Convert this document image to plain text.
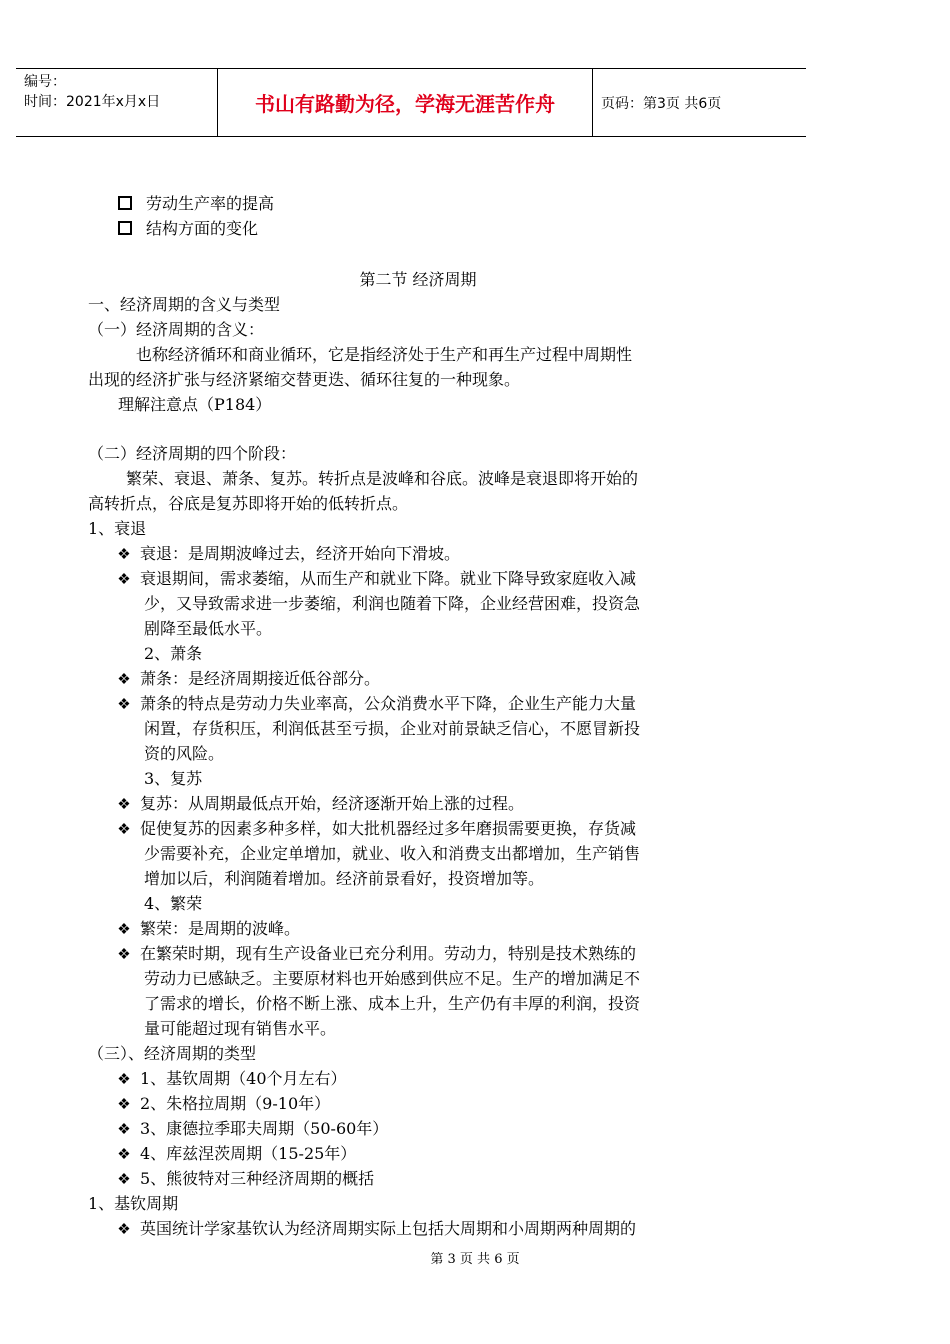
编号：
时间：2021年x月x日	书山有路勤为径，学海无涯苦作舟	页码：第3页 共6页
劳动生产率的提高
结构方面的变化
第二节 经济周期
一、经济周期的含义与类型
（一）经济周期的含义：
也称经济循环和商业循环，它是指经济处于生产和再生产过程中周期性
出现的经济扩张与经济紧缩交替更迭、循环往复的一种现象。
理解注意点（P184）
（二）经济周期的四个阶段：
繁荣、衰退、萧条、复苏。转折点是波峰和谷底。波峰是衰退即将开始的
高转折点，谷底是复苏即将开始的低转折点。
1、衰退
❖ 衰退：是周期波峰过去，经济开始向下滑坡。
❖ 衰退期间，需求萎缩，从而生产和就业下降。就业下降导致家庭收入减
少，又导致需求进一步萎缩，利润也随着下降，企业经营困难，投资急
剧降至最低水平。
2、萧条
❖ 萧条：是经济周期接近低谷部分。
❖ 萧条的特点是劳动力失业率高，公众消费水平下降，企业生产能力大量
闲置，存货积压，利润低甚至亏损，企业对前景缺乏信心，不愿冒新投
资的风险。
3、复苏
❖ 复苏：从周期最低点开始，经济逐渐开始上涨的过程。
❖ 促使复苏的因素多种多样，如大批机器经过多年磨损需要更换，存货减
少需要补充，企业定单增加，就业、收入和消费支出都增加，生产销售
增加以后，利润随着增加。经济前景看好，投资增加等。
4、繁荣
❖ 繁荣：是周期的波峰。
❖ 在繁荣时期，现有生产设备业已充分利用。劳动力，特别是技术熟练的
劳动力已感缺乏。主要原材料也开始感到供应不足。生产的增加满足不
了需求的增长，价格不断上涨、成本上升，生产仍有丰厚的利润，投资
量可能超过现有销售水平。
（三）、经济周期的类型
❖ 1、基钦周期（40个月左右）
❖ 2、朱格拉周期（9-10年）
❖ 3、康德拉季耶夫周期（50-60年）
❖ 4、库兹涅茨周期（15-25年）
❖ 5、熊彼特对三种经济周期的概括
1、基钦周期
❖ 英国统计学家基钦认为经济周期实际上包括大周期和小周期两种周期的
第 3 页 共 6 页
